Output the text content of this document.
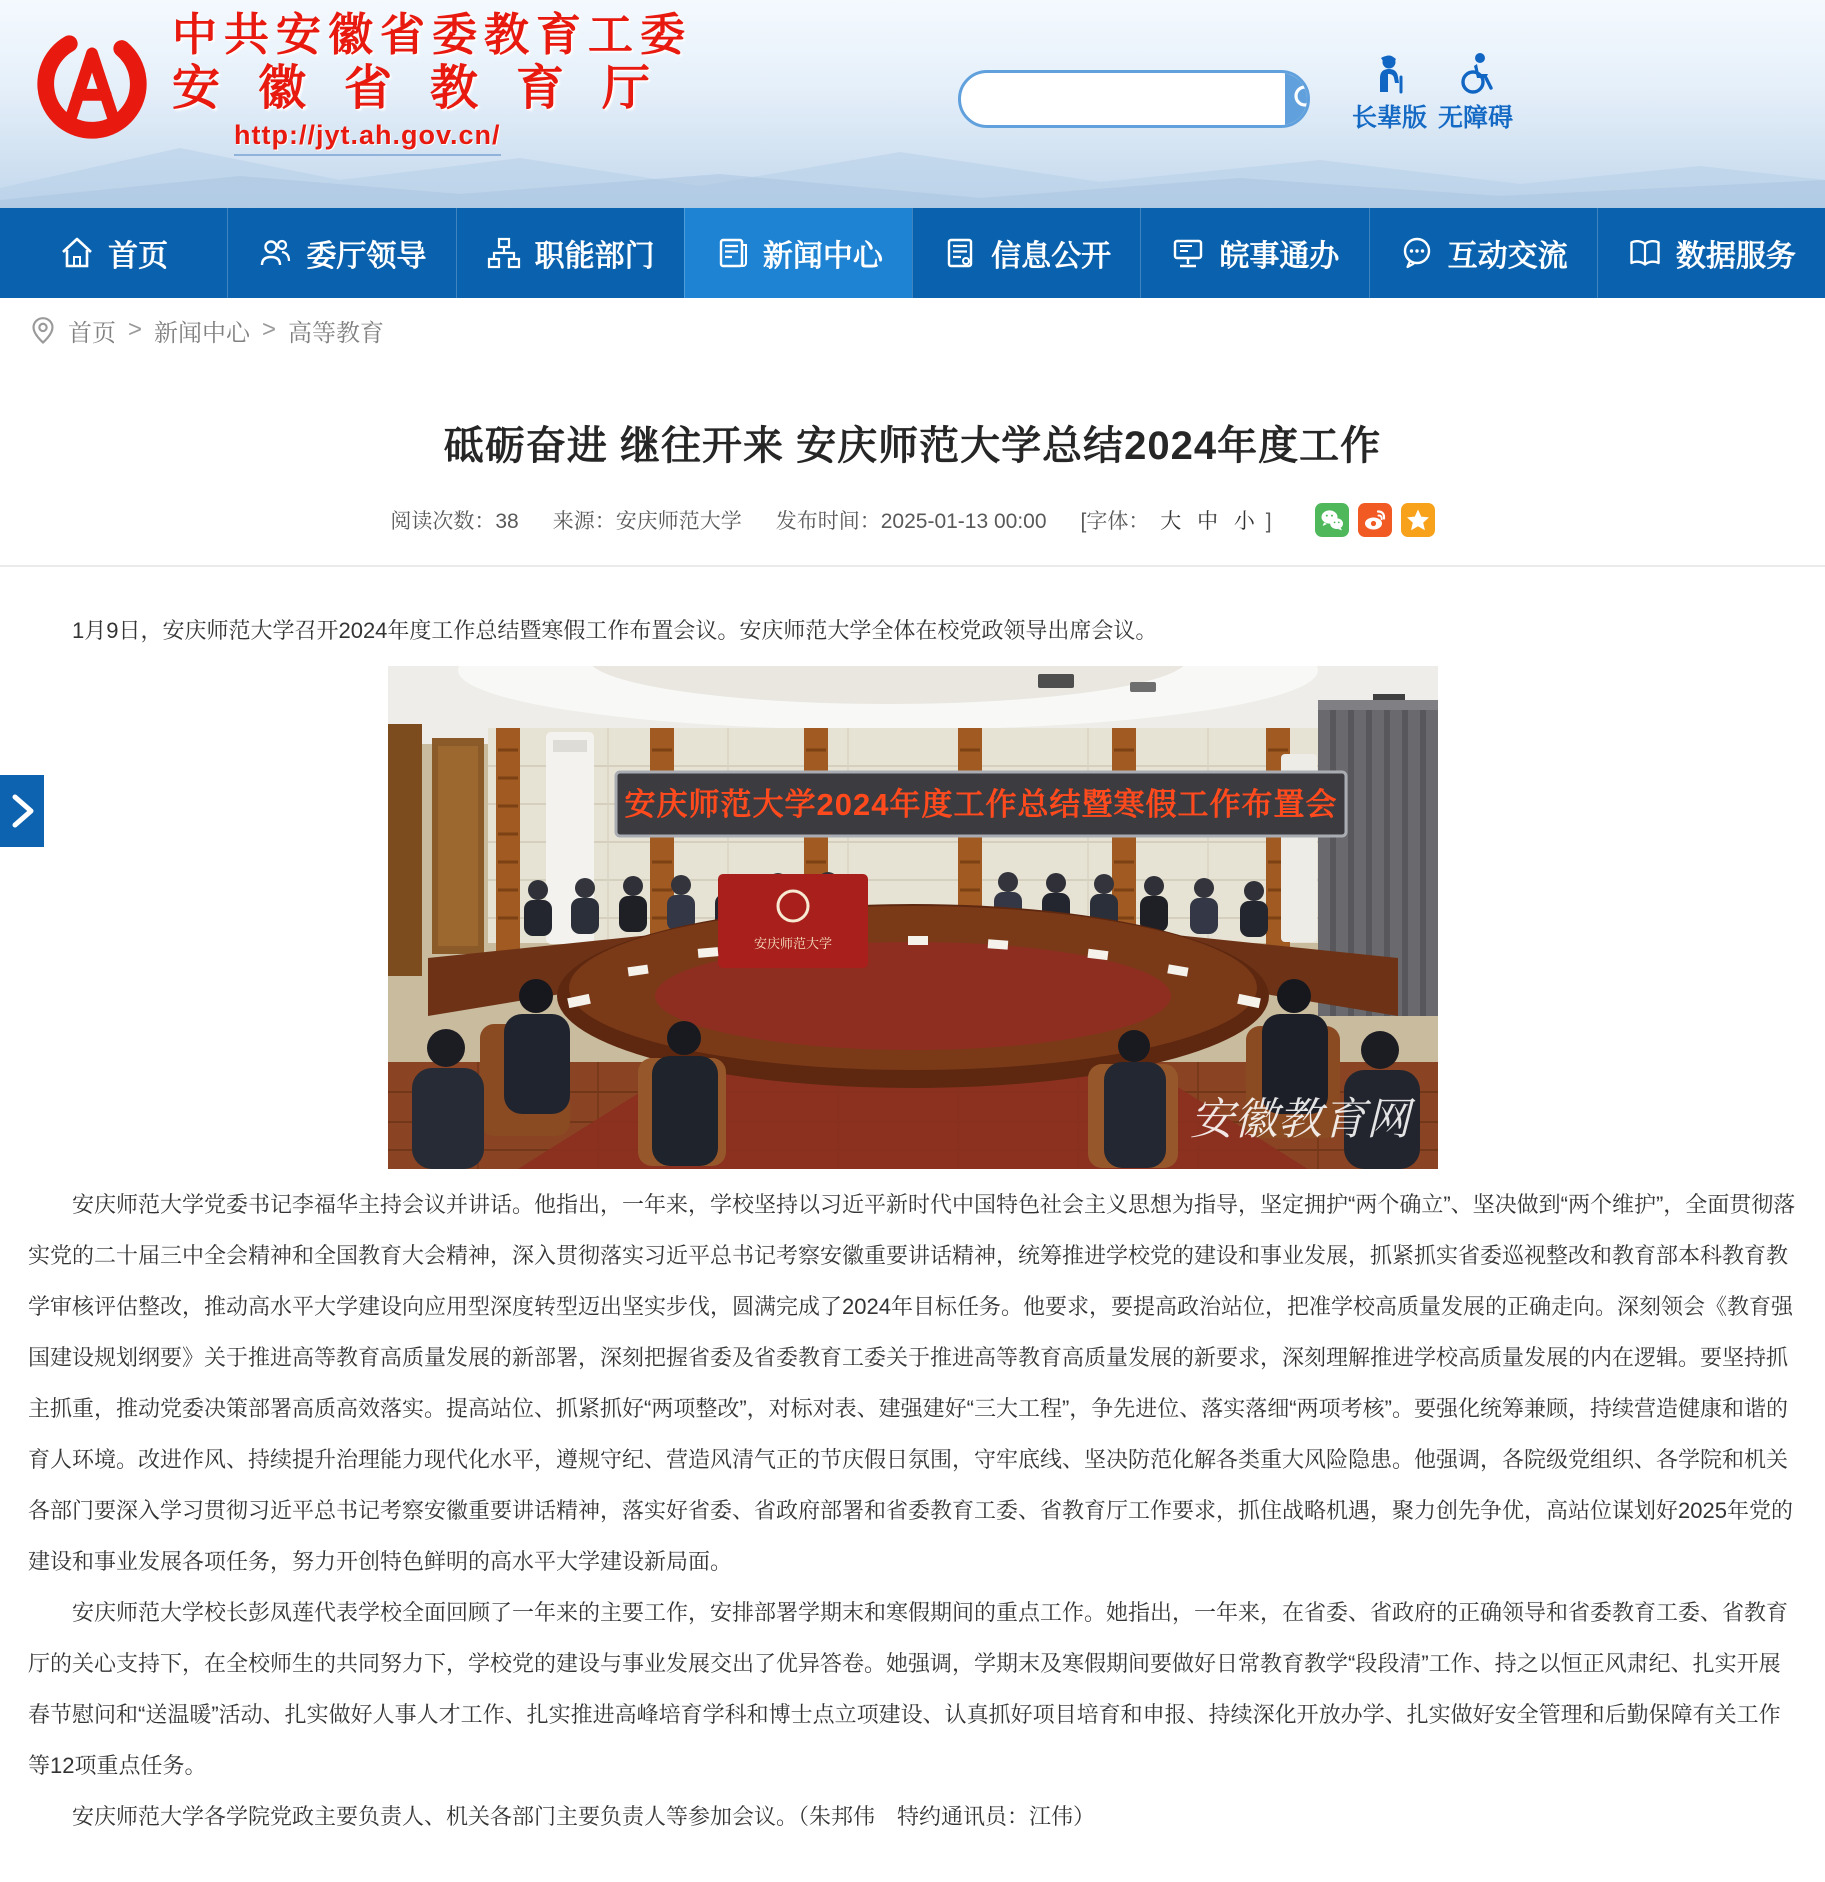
中共安徽省委教育工委
安徽省教育厅
http://jyt.ah.gov.cn/
长辈版 无障碍
首页	委厅领导	职能部门	新闻中心	信息公开	皖事通办	互动交流	数据服务
首页 > 新闻中心 > 高等教育
砥砺奋进 继往开来 安庆师范大学总结2024年度工作
阅读次数：38 来源：安庆师范大学 发布时间：2025-01-13 00:00 [字体： 大 中 小 ]

1月9日，安庆师范大学召开2024年度工作总结暨寒假工作布置会议。安庆师范大学全体在校党政领导出席会议。

安庆师范大学2024年度工作总结暨寒假工作布置会
安庆师范大学
安徽教育网

安庆师范大学党委书记李福华主持会议并讲话。他指出，一年来，学校坚持以习近平新时代中国特色社会主义思想为指导，坚定拥护“两个确立”、坚决做到“两个维护”，全面贯彻落实党的二十届三中全会精神和全国教育大会精神，深入贯彻落实习近平总书记考察安徽重要讲话精神，统筹推进学校党的建设和事业发展，抓紧抓实省委巡视整改和教育部本科教育教学审核评估整改，推动高水平大学建设向应用型深度转型迈出坚实步伐，圆满完成了2024年目标任务。他要求，要提高政治站位，把准学校高质量发展的正确走向。深刻领会《教育强国建设规划纲要》关于推进高等教育高质量发展的新部署，深刻把握省委及省委教育工委关于推进高等教育高质量发展的新要求，深刻理解推进学校高质量发展的内在逻辑。要坚持抓主抓重，推动党委决策部署高质高效落实。提高站位、抓紧抓好“两项整改”，对标对表、建强建好“三大工程”，争先进位、落实落细“两项考核”。要强化统筹兼顾，持续营造健康和谐的育人环境。改进作风、持续提升治理能力现代化水平，遵规守纪、营造风清气正的节庆假日氛围，守牢底线、坚决防范化解各类重大风险隐患。他强调，各院级党组织、各学院和机关各部门要深入学习贯彻习近平总书记考察安徽重要讲话精神，落实好省委、省政府部署和省委教育工委、省教育厅工作要求，抓住战略机遇，聚力创先争优，高站位谋划好2025年党的建设和事业发展各项任务，努力开创特色鲜明的高水平大学建设新局面。

安庆师范大学校长彭凤莲代表学校全面回顾了一年来的主要工作，安排部署学期末和寒假期间的重点工作。她指出，一年来，在省委、省政府的正确领导和省委教育工委、省教育厅的关心支持下，在全校师生的共同努力下，学校党的建设与事业发展交出了优异答卷。她强调，学期末及寒假期间要做好日常教育教学“段段清”工作、持之以恒正风肃纪、扎实开展春节慰问和“送温暖”活动、扎实做好人事人才工作、扎实推进高峰培育学科和博士点立项建设、认真抓好项目培育和申报、持续深化开放办学、扎实做好安全管理和后勤保障有关工作等12项重点任务。

安庆师范大学各学院党政主要负责人、机关各部门主要负责人等参加会议。（朱邦伟　特约通讯员：江伟）
